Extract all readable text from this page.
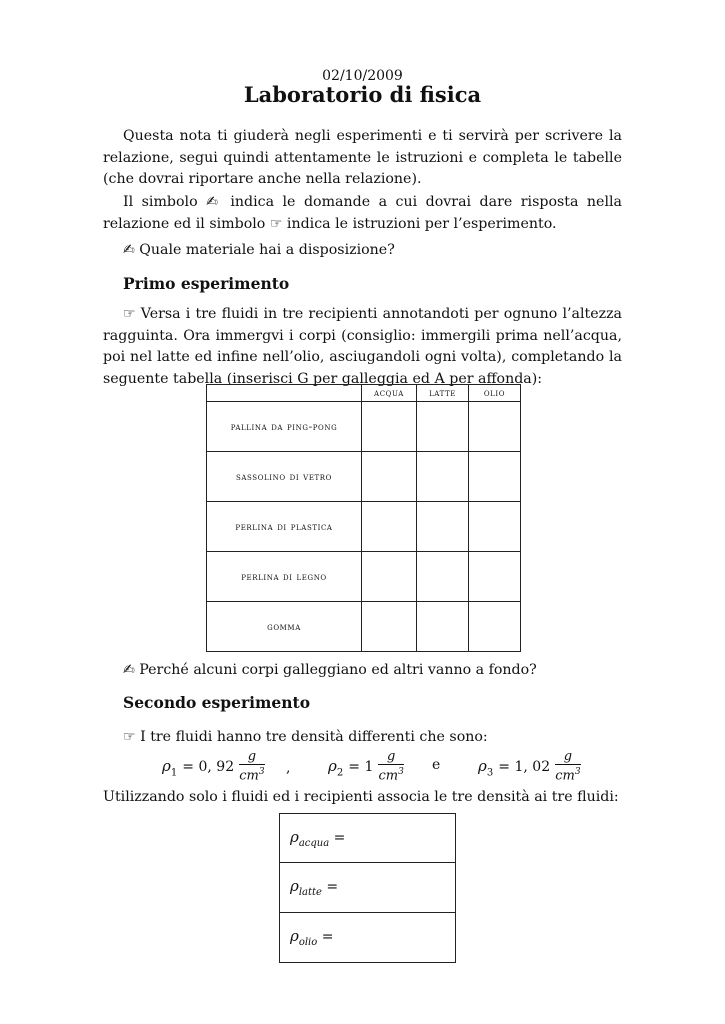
02/10/2009
Laboratorio di fisica

Questa nota ti giuderà negli esperimenti e ti servirà per scrivere la relazione, segui quindi attentamente le istruzioni e completa le tabelle (che dovrai riportare anche nella relazione).

Il simbolo ✍ indica le domande a cui dovrai dare risposta nella relazione ed il simbolo ☞ indica le istruzioni per l’esperimento.

✍ Quale materiale hai a disposizione?

Primo esperimento

☞ Versa i tre fluidi in tre recipienti annotandoti per ognuno l’altezza ragguinta. Ora immergvi i corpi (consiglio: immergili prima nell’acqua, poi nel latte ed infine nell’olio, asciugandoli ogni volta), completando la seguente tabella (inserisci G per galleggia ed A per affonda):

	acqua	latte	olio
pallina da ping-pong			
sassolino di vetro			
perlina di plastica			
perlina di legno			
gomma			

✍ Perché alcuni corpi galleggiano ed altri vanno a fondo?

Secondo esperimento

☞ I tre fluidi hanno tre densità differenti che sono:

$\rho_1 = 0$, $92 \frac{g}{cm^3}$ ,	$\rho_2 = 1 \frac{g}{cm^3}$ e	$\rho_3 = 1$, $02 \frac{g}{cm^3}$

Utilizzando solo i fluidi ed i recipienti associa le tre densità ai tre fluidi:

$\rho_{acqua}$ =
$\rho_{latte}$ =
$\rho_{olio}$ =
